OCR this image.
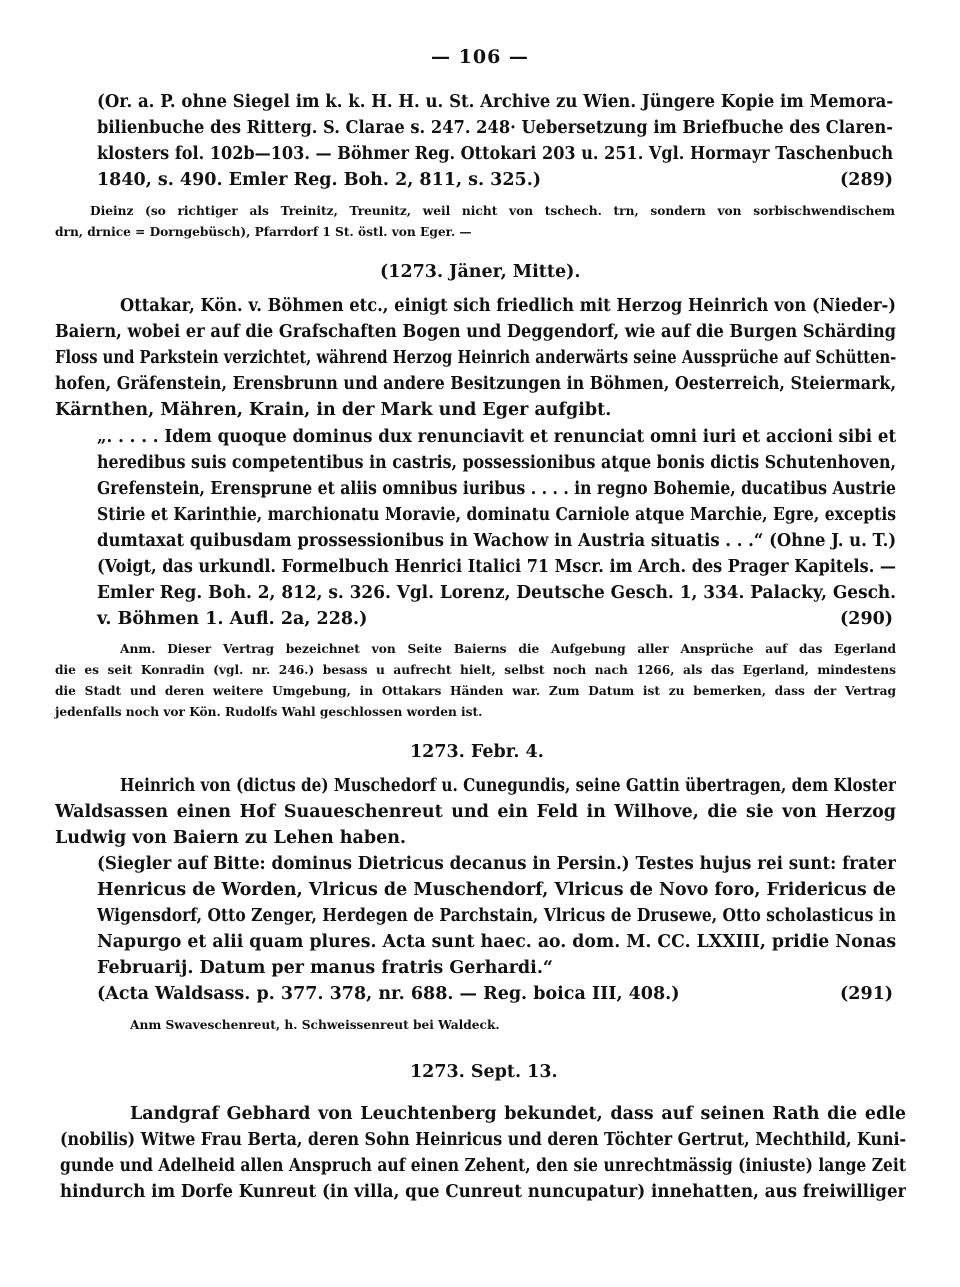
— 106 —
(Or. a. P. ohne Siegel im k. k. H. H. u. St. Archive zu Wien. Jüngere Kopie im Memora-
bilienbuche des Ritterg. S. Clarae s. 247. 248· Uebersetzung im Briefbuche des Claren-
klosters fol. 102b—103. — Böhmer Reg. Ottokari 203 u. 251. Vgl. Hormayr Taschenbuch
1840, s. 490. Emler Reg. Boh. 2, 811, s. 325.)	(289)
Dieinz (so richtiger als Treinitz, Treunitz, weil nicht von tschech. trn, sondern von sorbischwendischem
drn, drnice = Dorngebüsch), Pfarrdorf 1 St. östl. von Eger. —
(1273. Jäner, Mitte).
Ottakar, Kön. v. Böhmen etc., einigt sich friedlich mit Herzog Heinrich von (Nieder-)
Baiern, wobei er auf die Grafschaften Bogen und Deggendorf, wie auf die Burgen Schärding
Floss und Parkstein verzichtet, während Herzog Heinrich anderwärts seine Aussprüche auf Schütten-
hofen, Gräfenstein, Erensbrunn und andere Besitzungen in Böhmen, Oesterreich, Steiermark,
Kärnthen, Mähren, Krain, in der Mark und Eger aufgibt.
„. . . . . Idem quoque dominus dux renunciavit et renunciat omni iuri et accioni sibi et
heredibus suis competentibus in castris, possessionibus atque bonis dictis Schutenhoven,
Grefenstein, Erensprune et aliis omnibus iuribus . . . . in regno Bohemie, ducatibus Austrie
Stirie et Karinthie, marchionatu Moravie, dominatu Carniole atque Marchie, Egre, exceptis
dumtaxat quibusdam prossessionibus in Wachow in Austria situatis . . .“ (Ohne J. u. T.)
(Voigt, das urkundl. Formelbuch Henrici Italici 71 Mscr. im Arch. des Prager Kapitels. —
Emler Reg. Boh. 2, 812, s. 326. Vgl. Lorenz, Deutsche Gesch. 1, 334. Palacky, Gesch.
v. Böhmen 1. Aufl. 2a, 228.)	(290)
Anm. Dieser Vertrag bezeichnet von Seite Baierns die Aufgebung aller Ansprüche auf das Egerland
die es seit Konradin (vgl. nr. 246.) besass u aufrecht hielt, selbst noch nach 1266, als das Egerland, mindestens
die Stadt und deren weitere Umgebung, in Ottakars Händen war. Zum Datum ist zu bemerken, dass der Vertrag
jedenfalls noch vor Kön. Rudolfs Wahl geschlossen worden ist.
1273. Febr. 4.
Heinrich von (dictus de) Muschedorf u. Cunegundis, seine Gattin übertragen, dem Kloster
Waldsassen einen Hof Suaueschenreut und ein Feld in Wilhove, die sie von Herzog
Ludwig von Baiern zu Lehen haben.
(Siegler auf Bitte: dominus Dietricus decanus in Persin.) Testes hujus rei sunt: frater
Henricus de Worden, Vlricus de Muschendorf, Vlricus de Novo foro, Fridericus de
Wigensdorf, Otto Zenger, Herdegen de Parchstain, Vlricus de Drusewe, Otto scholasticus in
Napurgo et alii quam plures. Acta sunt haec. ao. dom. M. CC. LXXIII, pridie Nonas
Februarij. Datum per manus fratris Gerhardi.“
(Acta Waldsass. p. 377. 378, nr. 688. — Reg. boica III, 408.)	(291)
Anm Swaveschenreut, h. Schweissenreut bei Waldeck.
1273. Sept. 13.
Landgraf Gebhard von Leuchtenberg bekundet, dass auf seinen Rath die edle
(nobilis) Witwe Frau Berta, deren Sohn Heinricus und deren Töchter Gertrut, Mechthild, Kuni-
gunde und Adelheid allen Anspruch auf einen Zehent, den sie unrechtmässig (iniuste) lange Zeit
hindurch im Dorfe Kunreut (in villa, que Cunreut nuncupatur) innehatten, aus freiwilliger
